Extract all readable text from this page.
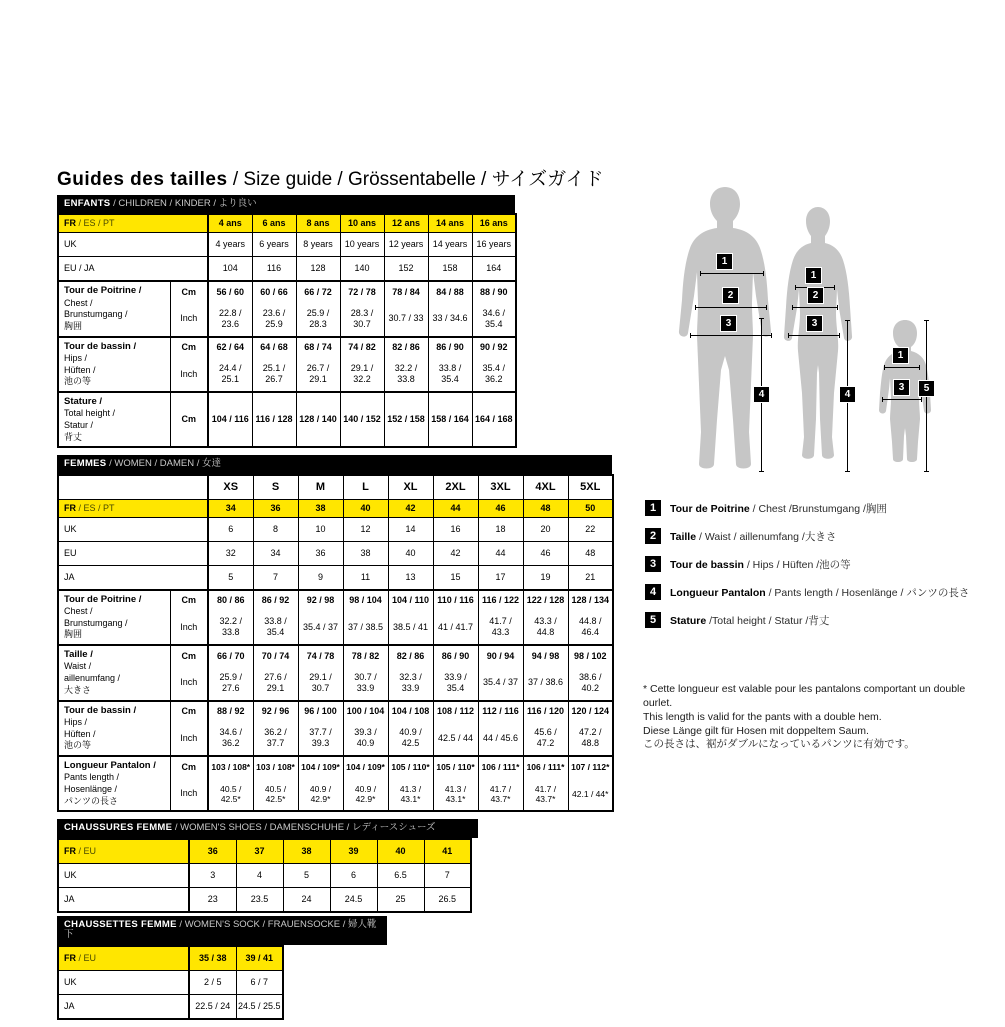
Guides des tailles / Size guide / Grössentabelle / サイズガイド
ENFANTS / CHILDREN / KINDER / より良い
FR / ES / PT		4 ans	6 ans	8 ans	10 ans	12 ans	14 ans	16 ans
UK		4 years	6 years	8 years	10 years	12 years	14 years	16 years
EU / JA		104	116	128	140	152	158	164

Tour de Poitrine /
Chest /
Brunstumgang /
胸囲	Cm	56 / 60	60 / 66	66 / 72	72 / 78	78 / 84	84 / 88	88 / 90
	Inch	22.8 / 23.6	23.6 / 25.9	25.9 / 28.3	28.3 / 30.7	30.7 / 33	33 / 34.6	34.6 / 35.4

Tour de bassin /
Hips /
Hüften /
池の等	Cm	62 / 64	64 / 68	68 / 74	74 / 82	82 / 86	86 / 90	90 / 92
	Inch	24.4 / 25.1	25.1 / 26.7	26.7 / 29.1	29.1 / 32.2	32.2 / 33.8	33.8 / 35.4	35.4 / 36.2

Stature /
Total height /
Statur /
背丈	Cm	104 / 116	116 / 128	128 / 140	140 / 152	152 / 158	158 / 164	164 / 168
FEMMES / WOMEN / DAMEN / 女達
		XS	S	M	L	XL	2XL	3XL	4XL	5XL
FR / ES / PT		34	36	38	40	42	44	46	48	50
UK		6	8	10	12	14	16	18	20	22
EU		32	34	36	38	40	42	44	46	48
JA		5	7	9	11	13	15	17	19	21

Tour de Poitrine /
Chest /
Brunstumgang /
胸囲	Cm	80 / 86	86 / 92	92 / 98	98 / 104	104 / 110	110 / 116	116 / 122	122 / 128	128 / 134
	Inch	32.2 / 33.8	33.8 / 35.4	35.4 / 37	37 / 38.5	38.5 / 41	41 / 41.7	41.7 / 43.3	43.3 / 44.8	44.8 / 46.4

Taille /
Waist /
aillenumfang /
大きさ	Cm	66 / 70	70 / 74	74 / 78	78 / 82	82 / 86	86 / 90	90 / 94	94 / 98	98 / 102
	Inch	25.9 / 27.6	27.6 / 29.1	29.1 / 30.7	30.7 / 33.9	32.3 / 33.9	33.9 / 35.4	35.4 / 37	37 / 38.6	38.6 / 40.2

Tour de bassin /
Hips /
Hüften /
池の等	Cm	88 / 92	92 / 96	96 / 100	100 / 104	104 / 108	108 / 112	112 / 116	116 / 120	120 / 124
	Inch	34.6 / 36.2	36.2 / 37.7	37.7 / 39.3	39.3 / 40.9	40.9 / 42.5	42.5 / 44	44 / 45.6	45.6 / 47.2	47.2 / 48.8

Longueur Pantalon /
Pants length /
Hosenlänge /
パンツの長さ	Cm	103 / 108*	103 / 108*	104 / 109*	104 / 109*	105 / 110*	105 / 110*	106 / 111*	106 / 111*	107 / 112*
	Inch	40.5 / 42.5*	40.5 / 42.5*	40.9 / 42.9*	40.9 / 42.9*	41.3 / 43.1*	41.3 / 43.1*	41.7 / 43.7*	41.7 / 43.7*	42.1 / 44*
CHAUSSURES FEMME / WOMEN'S SHOES / DAMENSCHUHE / レディースシューズ
FR / EU	36	37	38	39	40	41
UK	3	4	5	6	6.5	7
JA	23	23.5	24	24.5	25	26.5
CHAUSSETTES FEMME / WOMEN'S SOCK / FRAUENSOCKE / 婦人靴下
FR / EU	35 / 38	39 / 41
UK	2 / 5	6 / 7
JA	22.5 / 24	24.5 / 25.5
1
2
3
4
1
2
3
4
1
3	5
1	Tour de Poitrine / Chest /Brunstumgang /胸囲
2	Taille / Waist / aillenumfang /大きさ
3	Tour de bassin / Hips / Hüften /池の等
4	Longueur Pantalon / Pants length / Hosenlänge / パンツの長さ
5	Stature /Total height / Statur /背丈
* Cette longueur est valable pour les pantalons comportant un double ourlet.
This length is valid for the pants with a double hem.
Diese Länge gilt für Hosen mit doppeltem Saum.
この長さは、裾がダブルになっているパンツに有効です。
